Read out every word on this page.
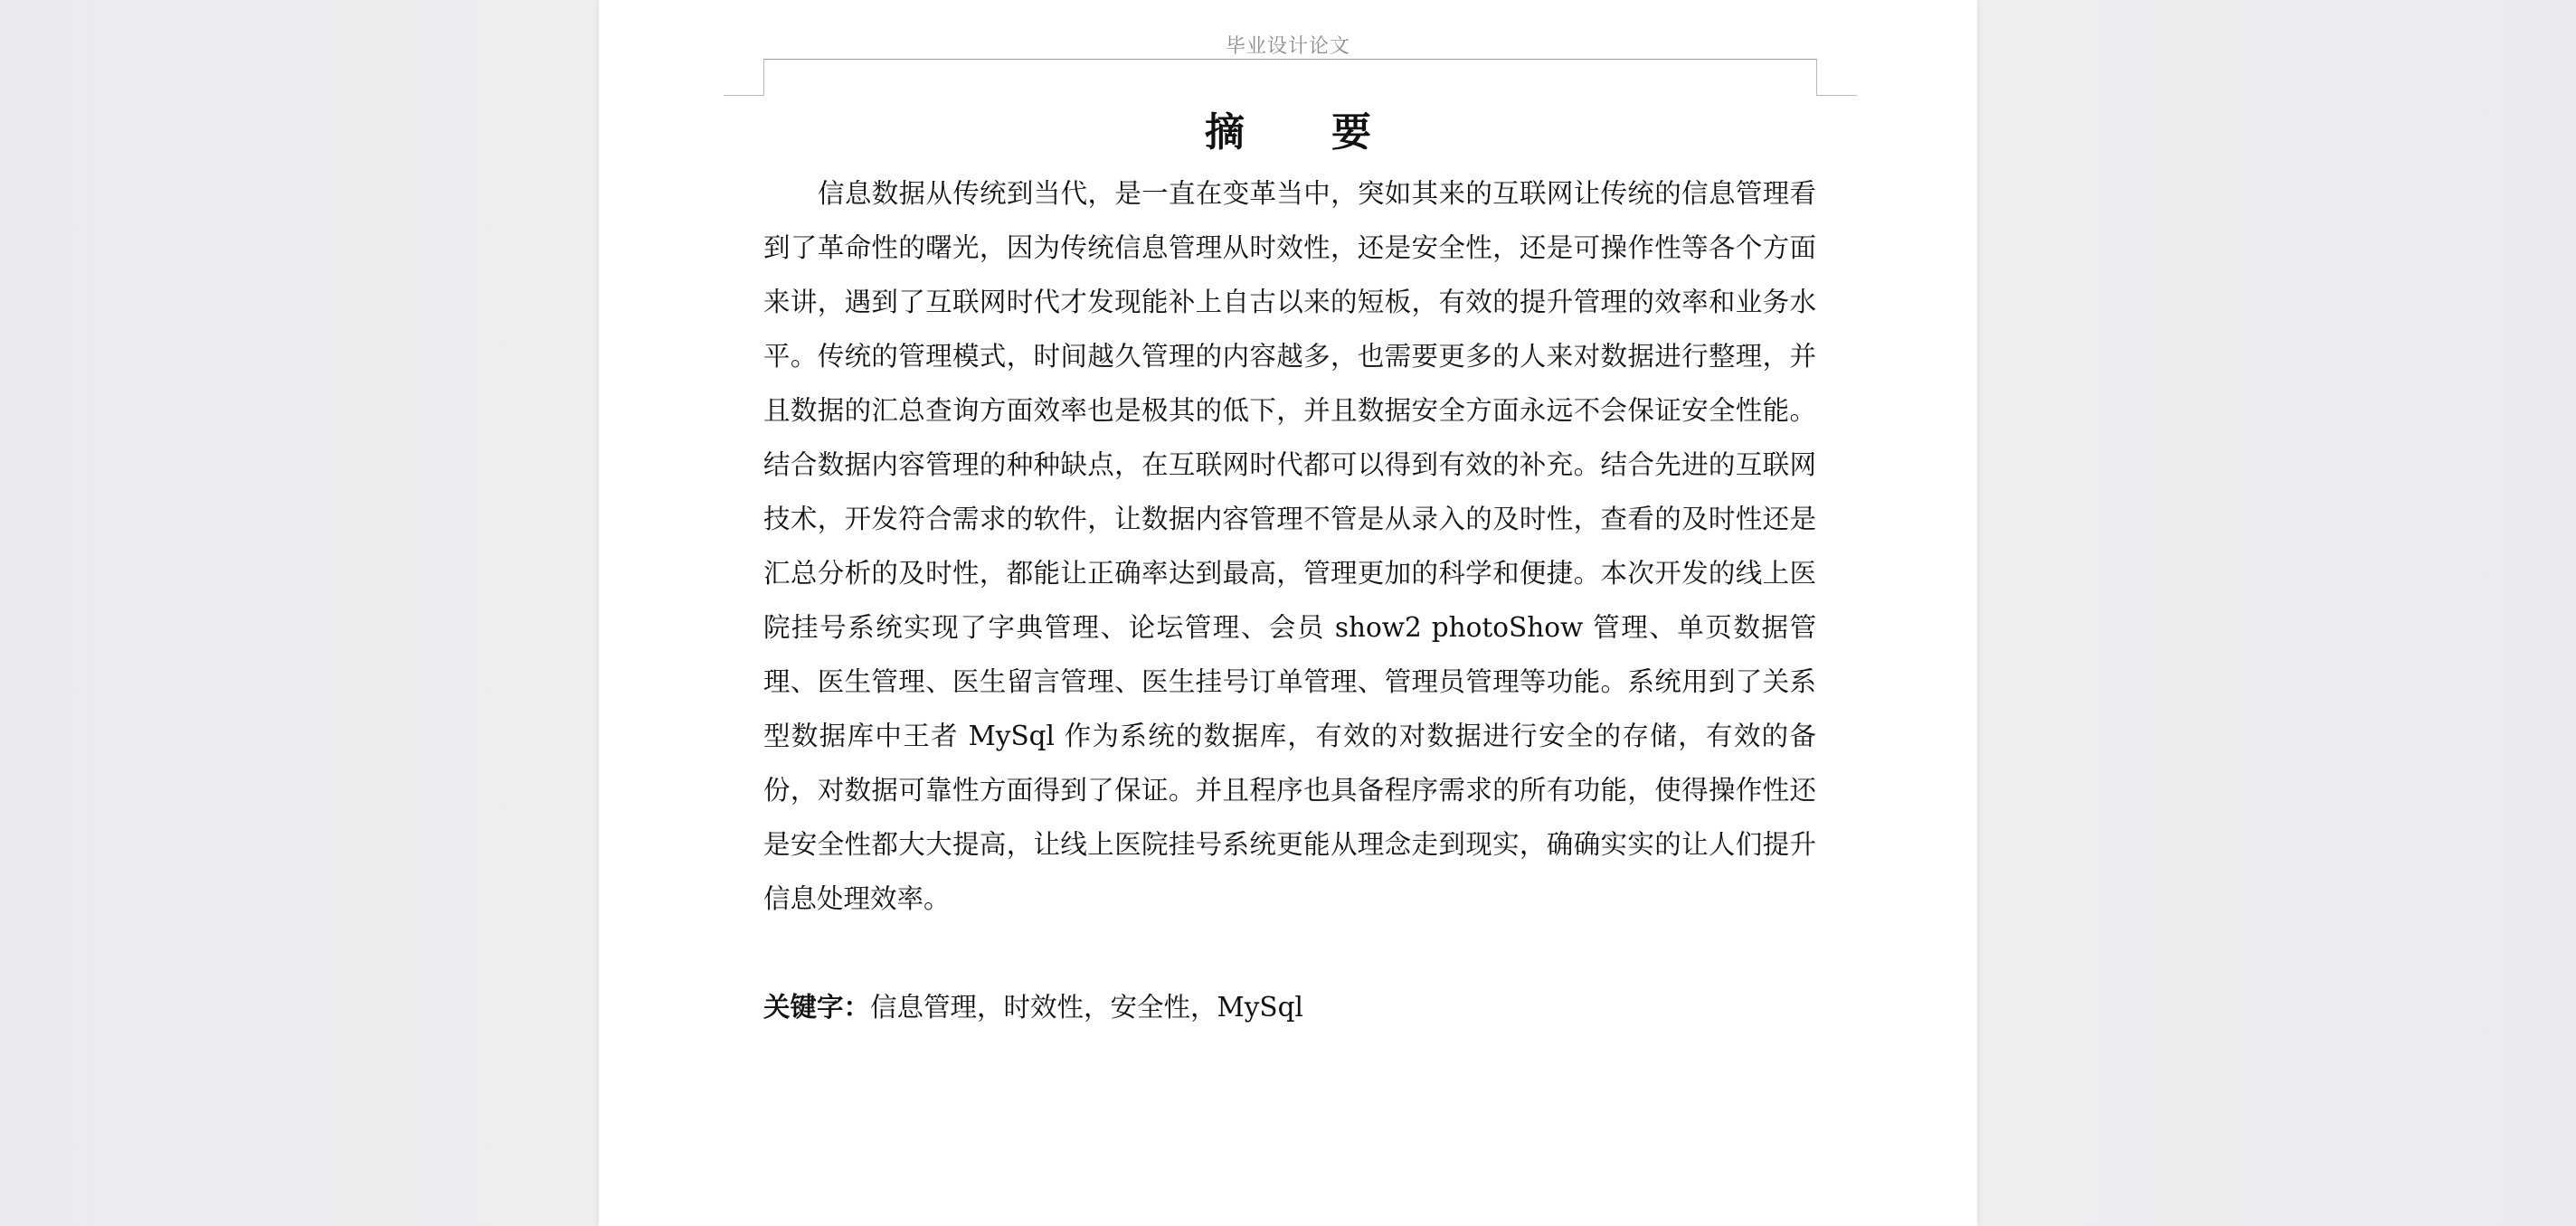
毕业设计论文
摘　要

信息数据从传统到当代，是一直在变革当中，突如其来的互联网让传统的信息管理看到了革命性的曙光，因为传统信息管理从时效性，还是安全性，还是可操作性等各个方面来讲，遇到了互联网时代才发现能补上自古以来的短板，有效的提升管理的效率和业务水平。传统的管理模式，时间越久管理的内容越多，也需要更多的人来对数据进行整理，并且数据的汇总查询方面效率也是极其的低下，并且数据安全方面永远不会保证安全性能。结合数据内容管理的种种缺点，在互联网时代都可以得到有效的补充。结合先进的互联网技术，开发符合需求的软件，让数据内容管理不管是从录入的及时性，查看的及时性还是汇总分析的及时性，都能让正确率达到最高，管理更加的科学和便捷。本次开发的线上医院挂号系统实现了字典管理、论坛管理、会员 show2 photoShow 管理、单页数据管理、医生管理、医生留言管理、医生挂号订单管理、管理员管理等功能。系统用到了关系型数据库中王者 MySql 作为系统的数据库，有效的对数据进行安全的存储，有效的备份，对数据可靠性方面得到了保证。并且程序也具备程序需求的所有功能，使得操作性还是安全性都大大提高，让线上医院挂号系统更能从理念走到现实，确确实实的让人们提升信息处理效率。

关键字：信息管理，时效性，安全性，MySql
